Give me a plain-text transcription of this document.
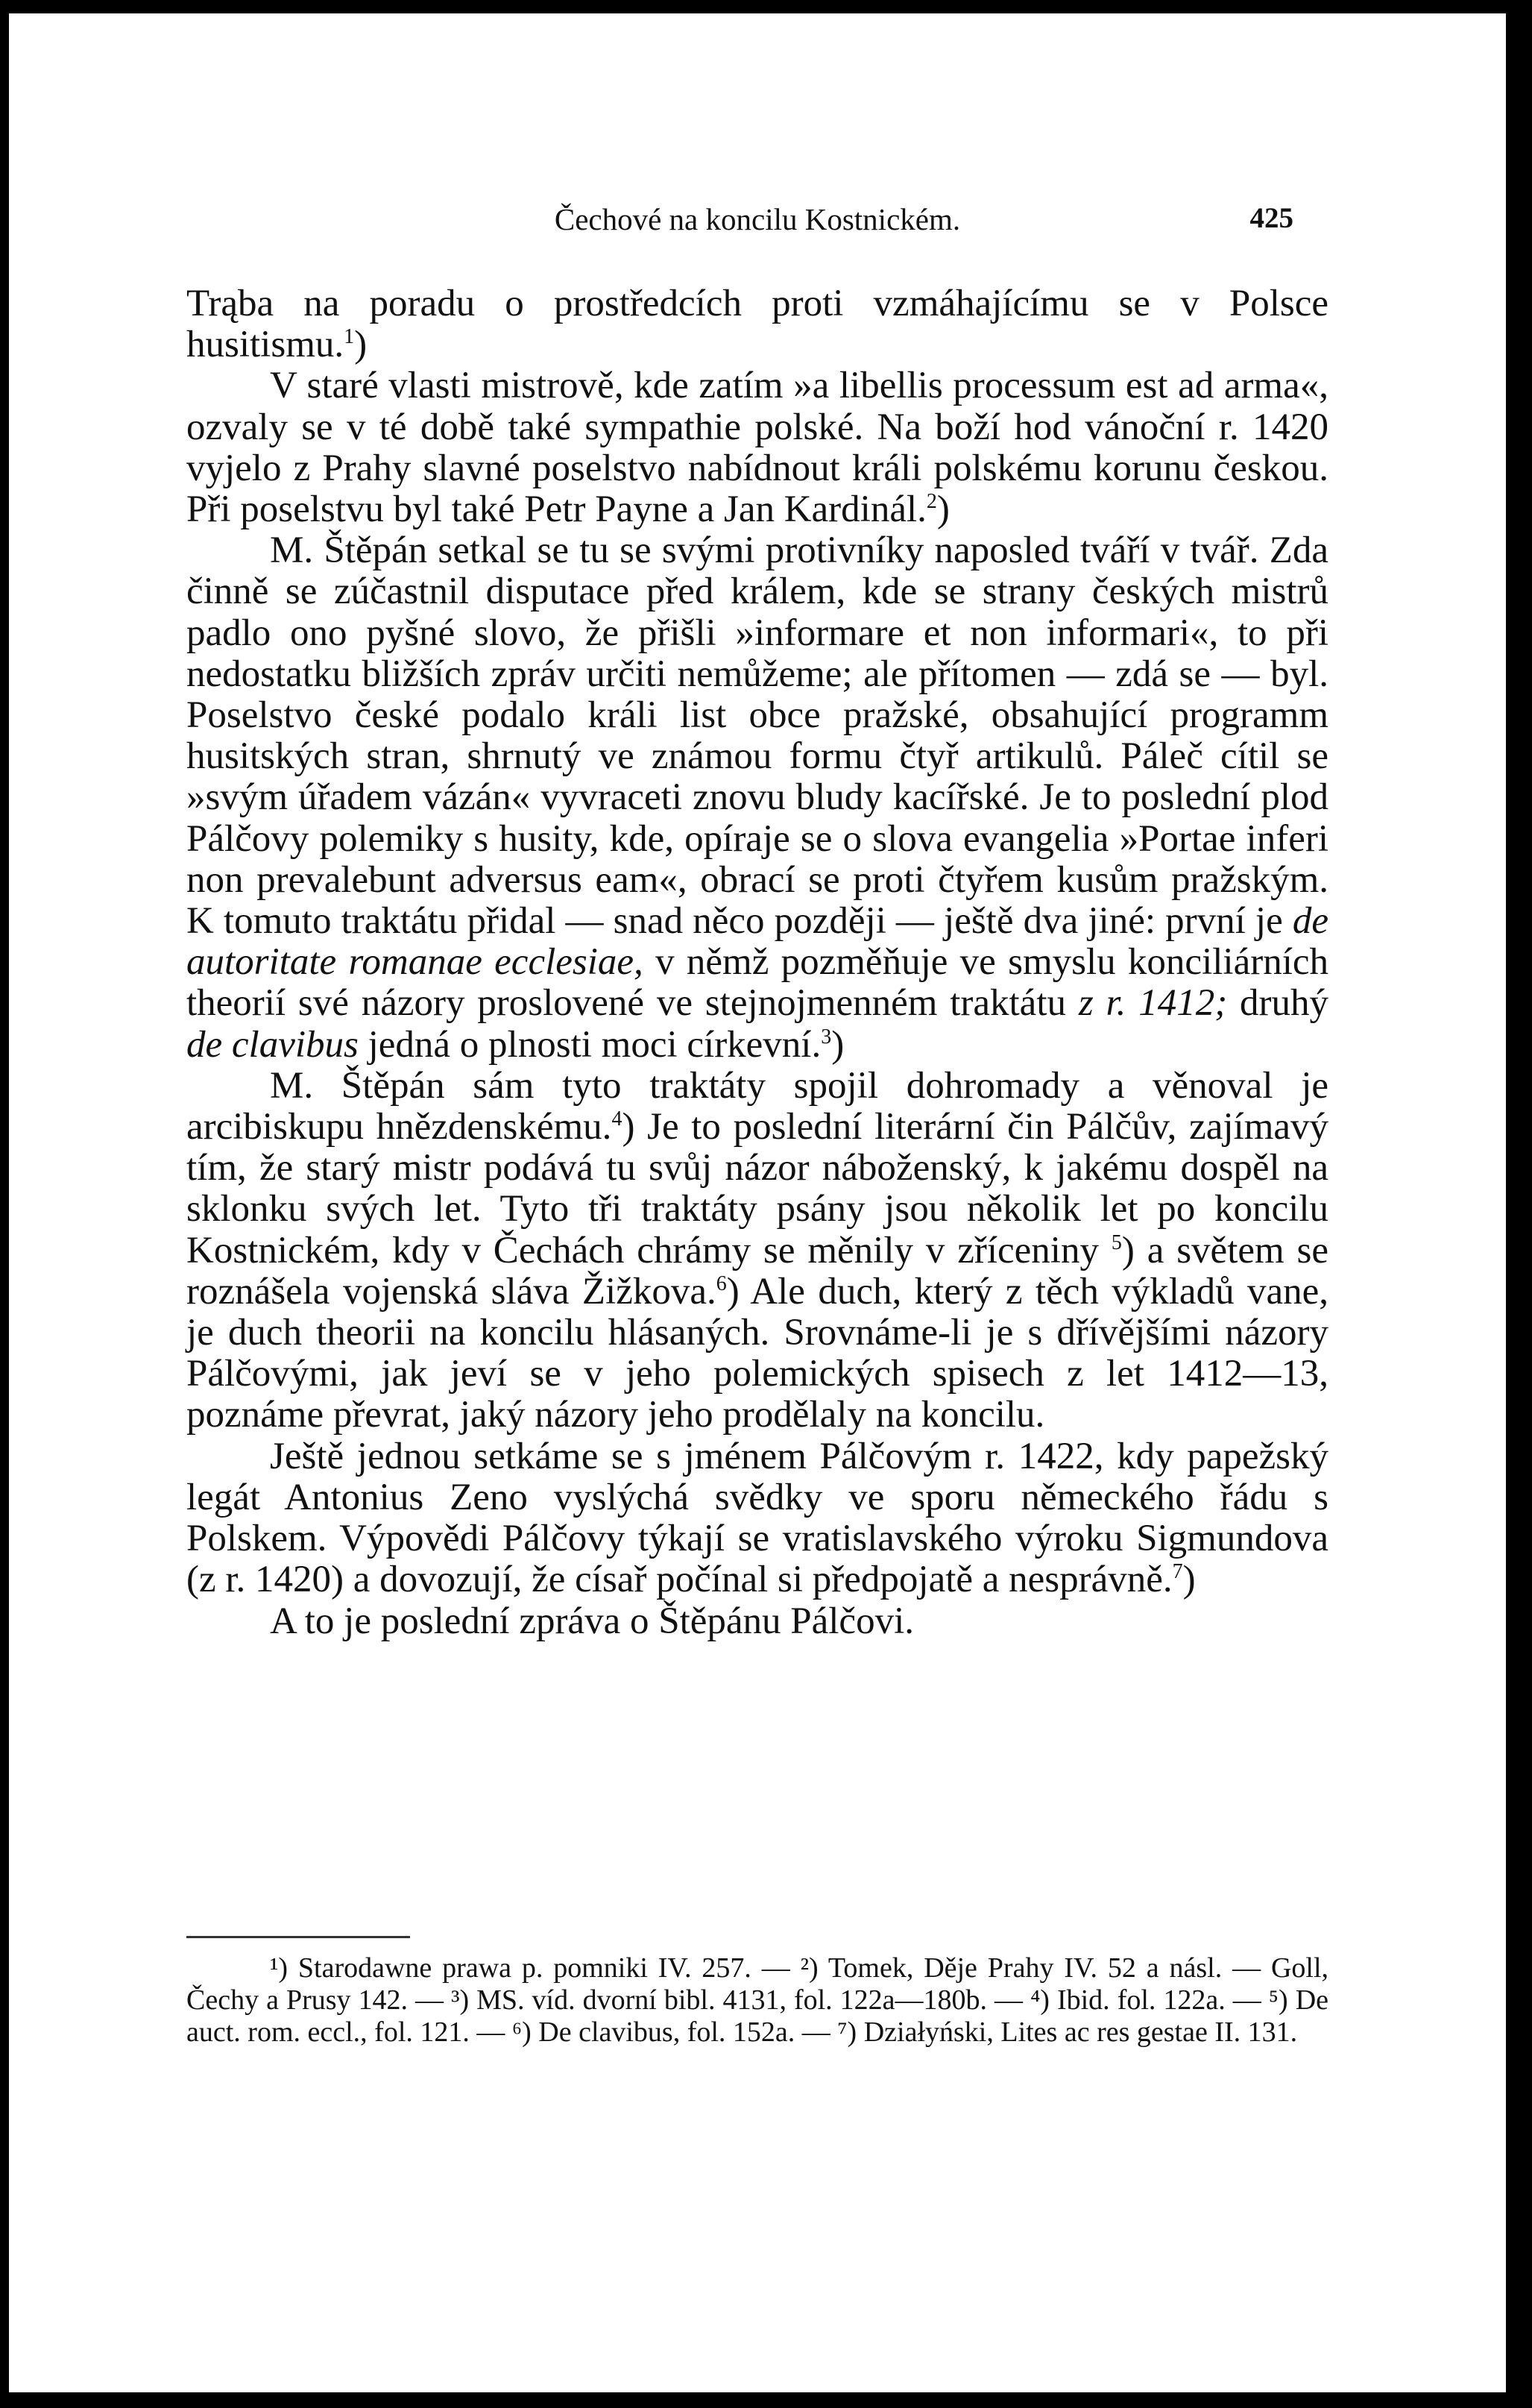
Čechové na koncilu Kostnickém.	425

Trąba na poradu o prostředcích proti vzmáhajícímu se v Polsce husitismu.$^1$)

V staré vlasti mistrově, kde zatím »a libellis processum est ad arma«, ozvaly se v té době také sympathie polské. Na boží hod vánoční r. 1420 vyjelo z Prahy slavné poselstvo nabídnout králi polskému korunu českou. Při poselstvu byl také Petr Payne a Jan Kardinál.$^2$)

M. Štěpán setkal se tu se svými protivníky naposled tváří v tvář. Zda činně se zúčastnil disputace před králem, kde se strany českých mistrů padlo ono pyšné slovo, že přišli »informare et non informari«, to při nedostatku bližších zpráv určiti nemůžeme; ale přítomen — zdá se — byl. Poselstvo české podalo králi list obce pražské, obsahující programm husitských stran, shrnutý ve známou formu čtyř artikulů. Páleč cítil se »svým úřadem vázán« vyvraceti znovu bludy kacířské. Je to poslední plod Pálčovy polemiky s husity, kde, opíraje se o slova evangelia »Portae inferi non prevalebunt adversus eam«, obrací se proti čtyřem kusům pražským. K tomuto traktátu přidal — snad něco později — ještě dva jiné: první je de autoritate romanae ecclesiae, v němž pozměňuje ve smyslu konciliárních theorií své názory proslovené ve stejnojmenném traktátu z r. 1412; druhý de clavibus jedná o plnosti moci církevní.$^3$)

M. Štěpán sám tyto traktáty spojil dohromady a věnoval je arcibiskupu hnězdenskému.$^4$) Je to poslední literární čin Pálčův, zajímavý tím, že starý mistr podává tu svůj názor náboženský, k jakému dospěl na sklonku svých let. Tyto tři traktáty psány jsou několik let po koncilu Kostnickém, kdy v Čechách chrámy se měnily v zříceniny $^5$) a světem se roznášela vojenská sláva Žižkova.$^6$) Ale duch, který z těch výkladů vane, je duch theorii na koncilu hlásaných. Srovnáme-li je s dřívějšími názory Pálčovými, jak jeví se v jeho polemických spisech z let 1412—13, poznáme převrat, jaký názory jeho prodělaly na koncilu.

Ještě jednou setkáme se s jménem Pálčovým r. 1422, kdy papežský legát Antonius Zeno vyslýchá svědky ve sporu německého řádu s Polskem. Výpovědi Pálčovy týkají se vratislavského výroku Sigmundova (z r. 1420) a dovozují, že císař počínal si předpojatě a nesprávně.$^7$)

A to je poslední zpráva o Štěpánu Pálčovi.

¹) Starodawne prawa p. pomniki IV. 257. — ²) Tomek, Děje Prahy IV. 52 a násl. — Goll, Čechy a Prusy 142. — ³) MS. víd. dvorní bibl. 4131, fol. 122a—180b. — ⁴) Ibid. fol. 122a. — ⁵) De auct. rom. eccl., fol. 121. — ⁶) De clavibus, fol. 152a. — ⁷) Działyński, Lites ac res gestae II. 131.
